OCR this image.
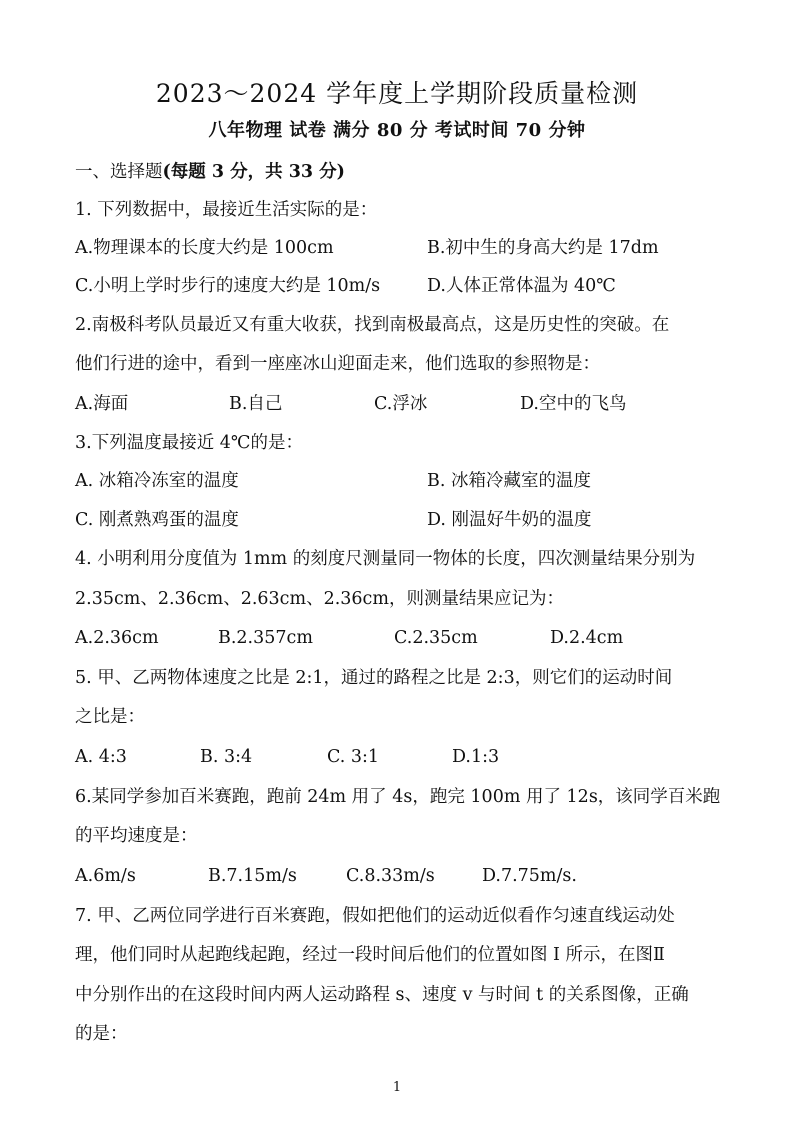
2023～2024 学年度上学期阶段质量检测
八年物理 试卷 满分 80 分 考试时间 70 分钟
一、选择题(每题 3 分，共 33 分)
1. 下列数据中，最接近生活实际的是：
A.物理课本的长度大约是 100cm	B.初中生的身高大约是 17dm
C.小明上学时步行的速度大约是 10m/s	D.人体正常体温为 40℃
2.南极科考队员最近又有重大收获，找到南极最高点，这是历史性的突破。在
他们行进的途中，看到一座座冰山迎面走来，他们选取的参照物是：
A.海面	B.自己	C.浮冰	D.空中的飞鸟
3.下列温度最接近 4℃的是：
A. 冰箱冷冻室的温度	B. 冰箱冷藏室的温度
C. 刚煮熟鸡蛋的温度	D. 刚温好牛奶的温度
4. 小明利用分度值为 1mm 的刻度尺测量同一物体的长度，四次测量结果分别为
2.35cm、2.36cm、2.63cm、2.36cm，则测量结果应记为：
A.2.36cm	B.2.357cm	C.2.35cm	D.2.4cm
5. 甲、乙两物体速度之比是 2:1，通过的路程之比是 2:3，则它们的运动时间
之比是：
A. 4:3	B. 3:4	C. 3:1	D.1:3
6.某同学参加百米赛跑，跑前 24m 用了 4s，跑完 100m 用了 12s，该同学百米跑
的平均速度是：
A.6m/s	B.7.15m/s	C.8.33m/s	D.7.75m/s.
7. 甲、乙两位同学进行百米赛跑，假如把他们的运动近似看作匀速直线运动处
理，他们同时从起跑线起跑，经过一段时间后他们的位置如图 I 所示，在图Ⅱ
中分别作出的在这段时间内两人运动路程 s、速度 v 与时间 t 的关系图像，正确
的是：
1
